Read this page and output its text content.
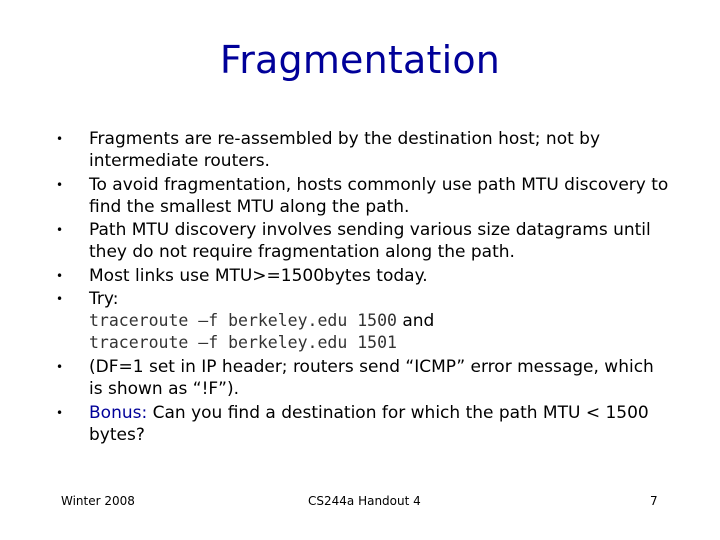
Fragmentation
• Fragments are re-assembled by the destination host; not by intermediate routers.
• To avoid fragmentation, hosts commonly use path MTU discovery to find the smallest MTU along the path.
• Path MTU discovery involves sending various size datagrams until they do not require fragmentation along the path.
• Most links use MTU>=1500bytes today.
• Try:
traceroute –f berkeley.edu 1500 and
traceroute –f berkeley.edu 1501
• (DF=1 set in IP header; routers send “ICMP” error message, which is shown as “!F”).
• Bonus: Can you find a destination for which the path MTU < 1500 bytes?
Winter 2008	CS244a Handout 4	7
